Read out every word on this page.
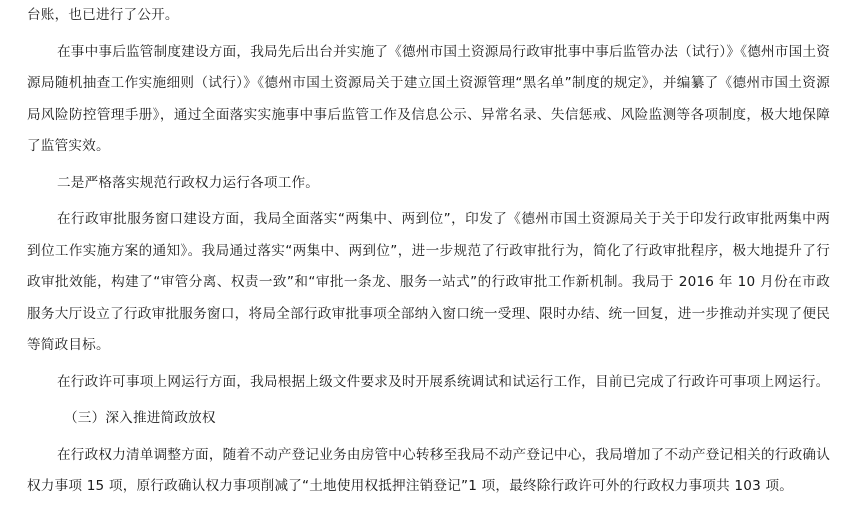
台账，也已进行了公开。

在事中事后监管制度建设方面，我局先后出台并实施了《德州市国土资源局行政审批事中事后监管办法（试行）》《德州市国土资源局随机抽查工作实施细则（试行）》《德州市国土资源局关于建立国土资源管理“黑名单”制度的规定》，并编纂了《德州市国土资源局风险防控管理手册》，通过全面落实实施事中事后监管工作及信息公示、异常名录、失信惩戒、风险监测等各项制度，极大地保障了监管实效。

二是严格落实规范行政权力运行各项工作。

在行政审批服务窗口建设方面，我局全面落实“两集中、两到位”，印发了《德州市国土资源局关于关于印发行政审批两集中两到位工作实施方案的通知》。我局通过落实“两集中、两到位”，进一步规范了行政审批行为，简化了行政审批程序，极大地提升了行政审批效能，构建了“审管分离、权责一致”和“审批一条龙、服务一站式”的行政审批工作新机制。我局于 2016 年 10 月份在市政服务大厅设立了行政审批服务窗口，将局全部行政审批事项全部纳入窗口统一受理、限时办结、统一回复，进一步推动并实现了便民等简政目标。

在行政许可事项上网运行方面，我局根据上级文件要求及时开展系统调试和试运行工作，目前已完成了行政许可事项上网运行。

（三）深入推进简政放权

在行政权力清单调整方面，随着不动产登记业务由房管中心转移至我局不动产登记中心，我局增加了不动产登记相关的行政确认权力事项 15 项，原行政确认权力事项削减了“土地使用权抵押注销登记”1 项，最终除行政许可外的行政权力事项共 103 项。
